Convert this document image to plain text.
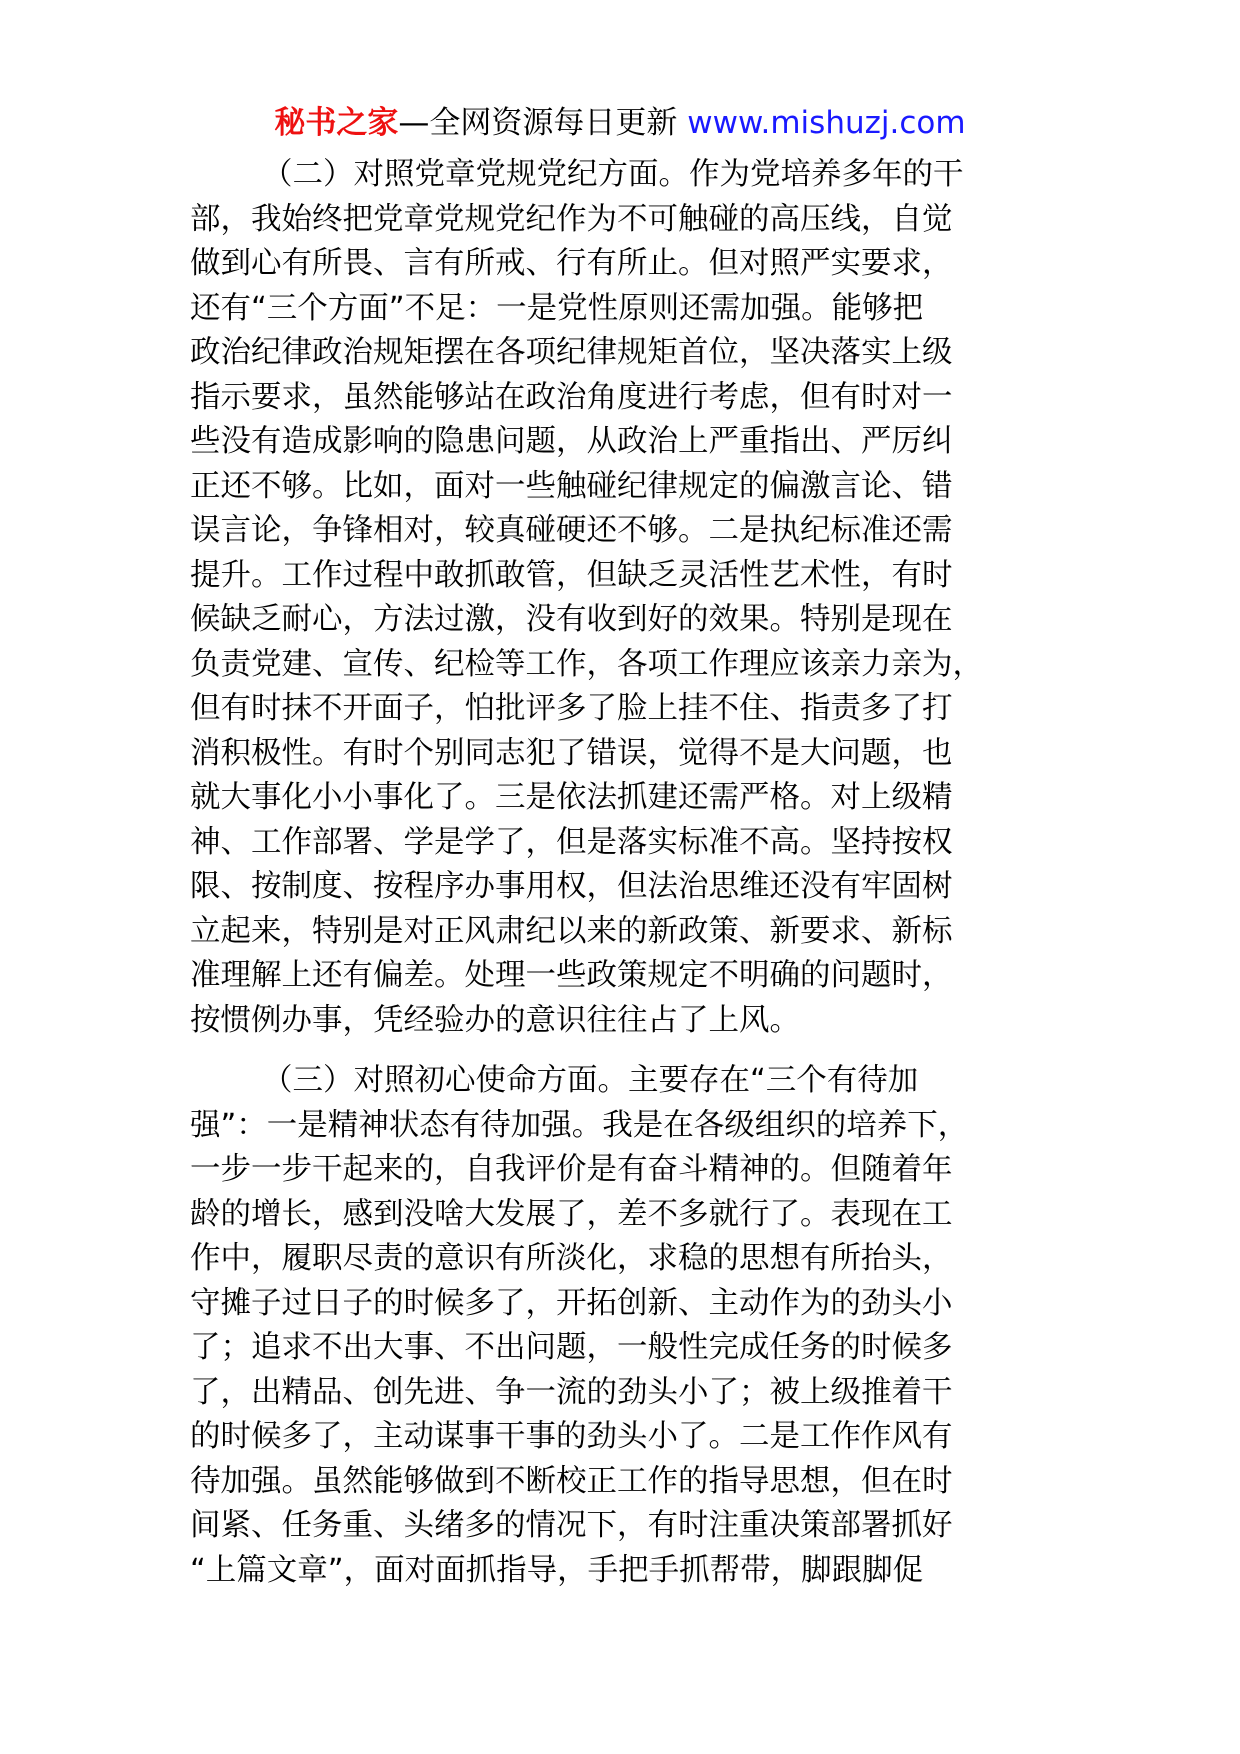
秘书之家—全网资源每日更新 www.mishuzj.com
（二）对照党章党规党纪方面。作为党培养多年的干
部，我始终把党章党规党纪作为不可触碰的高压线，自觉
做到心有所畏、言有所戒、行有所止。但对照严实要求，
还有“三个方面”不足：一是党性原则还需加强。能够把
政治纪律政治规矩摆在各项纪律规矩首位，坚决落实上级
指示要求，虽然能够站在政治角度进行考虑，但有时对一
些没有造成影响的隐患问题，从政治上严重指出、严厉纠
正还不够。比如，面对一些触碰纪律规定的偏激言论、错
误言论，争锋相对，较真碰硬还不够。二是执纪标准还需
提升。工作过程中敢抓敢管，但缺乏灵活性艺术性，有时
候缺乏耐心，方法过激，没有收到好的效果。特别是现在
负责党建、宣传、纪检等工作，各项工作理应该亲力亲为，
但有时抹不开面子，怕批评多了脸上挂不住、指责多了打
消积极性。有时个别同志犯了错误，觉得不是大问题，也
就大事化小小事化了。三是依法抓建还需严格。对上级精
神、工作部署、学是学了，但是落实标准不高。坚持按权
限、按制度、按程序办事用权，但法治思维还没有牢固树
立起来，特别是对正风肃纪以来的新政策、新要求、新标
准理解上还有偏差。处理一些政策规定不明确的问题时，
按惯例办事，凭经验办的意识往往占了上风。
（三）对照初心使命方面。主要存在“三个有待加
强”：一是精神状态有待加强。我是在各级组织的培养下，
一步一步干起来的，自我评价是有奋斗精神的。但随着年
龄的增长，感到没啥大发展了，差不多就行了。表现在工
作中，履职尽责的意识有所淡化，求稳的思想有所抬头，
守摊子过日子的时候多了，开拓创新、主动作为的劲头小
了；追求不出大事、不出问题，一般性完成任务的时候多
了，出精品、创先进、争一流的劲头小了；被上级推着干
的时候多了，主动谋事干事的劲头小了。二是工作作风有
待加强。虽然能够做到不断校正工作的指导思想，但在时
间紧、任务重、头绪多的情况下，有时注重决策部署抓好
“上篇文章”，面对面抓指导，手把手抓帮带，脚跟脚促
